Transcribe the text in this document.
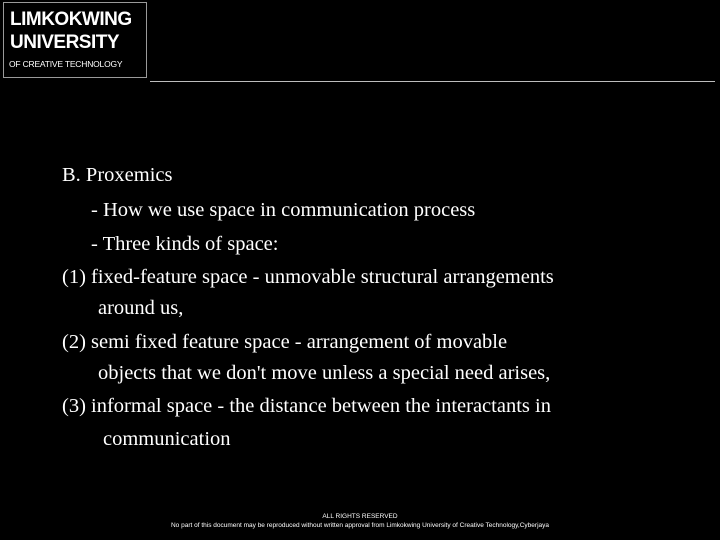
LIMKOKWING
UNIVERSITY
OF CREATIVE TECHNOLOGY
B. Proxemics
- How we use space in communication process
- Three kinds of space:
(1) fixed-feature space - unmovable structural arrangements
around us,
(2) semi fixed feature space - arrangement of movable
objects that we don't move unless a special need arises,
(3) informal space - the distance between the interactants in
communication
ALL RIGHTS RESERVED
No part of this document may be reproduced without written approval from Limkokwing University of Creative Technology,Cyberjaya
